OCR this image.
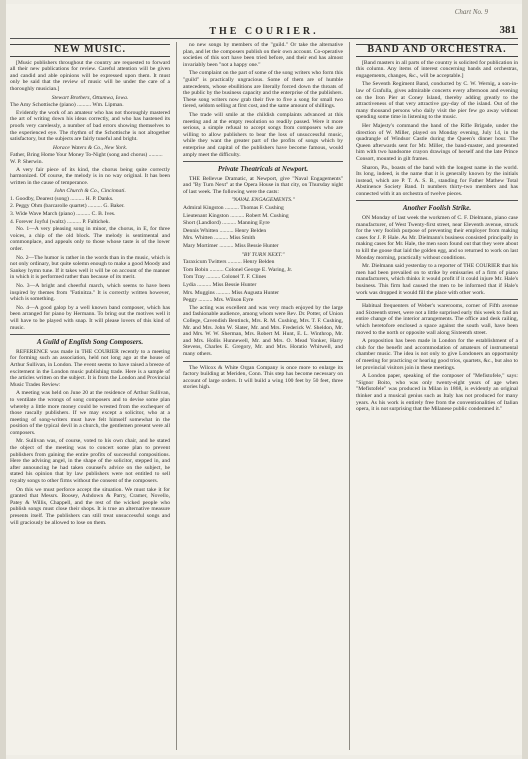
Chart No. 9
THE COURIER.	381
NEW MUSIC.

[Music publishers throughout the country are requested to forward all their new publications for review. Careful attention will be given and candid and able opinions will be expressed upon them. It must only be said that the review of music will be under the care of a thoroughly musician.]

Stewart Brothers, Ottumwa, Iowa.
The Amy Schottische (piano) .......... Wm. Lipman.

Evidently the work of an amateur who has not thoroughly mastered the art of writing down his ideas correctly, and who has hastened its proofs very carelessly, a number of bad errors showing themselves to the experienced eye. The rhythm of the Schottische is not altogether satisfactory, but the subjects are fairly tuneful and bright.

Horace Waters & Co., New York.
Father, Bring Home Your Money To-Night (song and chorus) .......... W. P. Sherwin.

A very fair piece of its kind, the chorus being quite correctly harmonized. Of course, the melody is in no way original. It has been written in the cause of temperance.

John Church & Co., Cincinnati.
1. Goodby, Dearest (song) .......... H. P. Danks.
2. Peggy Ohm (barcarolle quartet) .......... G. Baker.
3. Wide Wave March (piano) .......... C. B. Ives.
4. Forever Joyful (waltz) .......... P. Faltichek.

No. 1—A very pleasing song in minor, the chorus, in E, for three voices, a chip of the old block. The melody is sentimental and commonplace, and appeals only to those whose taste is of the lower order.

No. 2—The humor is rather in the words than in the music, which is not only ordinary, but quite solemn enough to make a good Moody and Sankey hymn tune. If it takes well it will be on account of the manner in which it is performed rather than because of its merit.

No. 3—A bright and cheerful march, which seems to have been inspired by themes from "Fatinitza." It is correctly written however, which is something.

No. 4—A good galop by a well known band composer, which has been arranged for piano by Hermann. To bring out the motives well it will have to be played with snap. It will please lovers of this kind of music.

A Guild of English Song Composers.

REFERENCE was made in THE COURIER recently to a meeting for forming such an association, held not long ago at the house of Arthur Sullivan, in London. The event seems to have raised a breeze of excitement in the London music publishing trade. Here is a sample of the articles written on the subject. It is from the London and Provincial Music Trades Review:

A meeting was held on June 20 at the residence of Arthur Sullivan, to ventilate the wrongs of song composers and to devise some plan whereby a little more money could be wrested from the exchequer of those rascally publishers. If we may except a solicitor, who at a meeting of song-writers must have felt himself somewhat in the position of the typical devil in a church, the gentlemen present were all composers.

Mr. Sullivan was, of course, voted to his own chair, and he stated the object of the meeting was to concert some plan to prevent publishers from gaining the entire profits of successful compositions. Here the advising angel, in the shape of the solicitor, stepped in, and after announcing he had taken counsel's advice on the subject, he stated his opinion that by law publishers were not entitled to sell royalty songs to other firms without the consent of the composers.

On this we must perforce accept the situation. We must take it for granted that Messrs. Boosey, Ashdown & Parry, Cramer, Novello, Patey & Willis, Chappell, and the rest of the wicked people who publish songs must close their shops. It is true an alternative measure presents itself. The publishers can still treat unsuccessful songs and will graciously be allowed to lose on them.

no new songs by members of the "guild." Or take the alternative plan, and let the composers publish on their own account. Co-operative societies of this sort have been tried before, and their end has almost invariably been "not a happy one."

The complaint on the part of some of the song writers who form this "guild" is practically ungracious. Some of them are of humble antecedents, whose ebullitions are literally forced down the throats of the public by the business capacity and the enterprise of the publishers. These song writers now grab their five to five a song for small two tiered, seldom selling at first cost, and the same amount of shillings.

The trade will smile at the childish complaints advanced at this meeting and at the empty resolution so readily passed. Were it more serious, a simple refusal to accept songs from composers who are willing to allow publishers to bear the loss of unsuccessful music, while they want the greater part of the profits of songs which by enterprise and capital of the publishers have become famous, would amply meet the difficulty.

Private Theatricals at Newport.

THE Bellevue Dramatic, at Newport, give "Naval Engagements" and "By Turn Next" at the Opera House in that city, on Thursday night of last week. The following were the casts:

"NAVAL ENGAGEMENTS."
Admiral Kingston .......... Thomas F. Cushing
Lieutenant Kingston .......... Robert M. Cushing
Short (Landlord) .......... Manning Eyre
Dennis Whitten .......... Henry Belden
Mrs. Whitten .......... Miss Smith
Mary Mortimer .......... Miss Bessie Hunter
"BY TURN NEXT."
Taraxicum Twitters .......... Henry Belden
Tom Bobin .......... Colonel George E. Waring, Jr.
Tom Tray .......... Colonel T. F. Clines
Lydia .......... Miss Bessie Hunter
Mrs. Muggins .......... Miss Augusta Hunter
Peggy .......... Mrs. Wilson Eyre

The acting was excellent and was very much enjoyed by the large and fashionable audience, among whom were Rev. Dr. Potter, of Union College, Cavendish Bentinck, Mrs. R. M. Cushing, Mrs. T. F. Cushing, Mr. and Mrs. John W. Slater, Mr. and Mrs. Frederick W. Sheldon, Mr. and Mrs. W. W. Sherman, Mrs. Robert M. Hunt, E. L. Winthrop, Mr. and Mrs. Hollis Hunnewell, Mr. and Mrs. O. Mead Yonker, Harry Stevens, Charles E. Gregory, Mr. and Mrs. Horatio Whitwell, and many others.

The Wilcox & White Organ Company is once more to enlarge its factory building at Meriden, Conn. This step has become necessary on account of large orders. It will build a wing 100 feet by 50 feet, three stories high.

BAND AND ORCHESTRA.

[Band masters in all parts of the country is solicited for publication in this column. Any items of interest concerning bands and orchestras, engagements, changes, &c., will be acceptable.]

The Seventh Regiment Band, conducted by C. W. Wernig, a son-in-law of Grafulla, gives admirable concerts every afternoon and evening on the Iron Pier at Coney Island, thereby adding greatly to the attractiveness of that very attractive gay-day of the island. Out of the many thousand persons who daily visit the pier few go away without spending some time in listening to the music.

Her Majesty's command the band of the Rifle Brigade, under the direction of W. Miller, played on Monday evening, July 14, in the quadrangle of Windsor Castle during the Queen's dinner hour. The Queen afterwards sent for Mr. Miller, the band-master, and presented him with two handsome crayon drawings of herself and the late Prince Consort, mounted in gilt frames.

Sharon, Pa., boasts of the band with the longest name in the world. Its long, indeed, is the name that it is generally known by the initials instead, which are P. T. A. S. B., standing for Father Mathew Total Abstinence Society Band. It numbers thirty-two members and has connected with it an orchestra of twelve pieces.

Another Foolish Strike.

ON Monday of last week the workmen of C. F. Dielmann, piano case manufacturer, of West Twenty-first street, near Eleventh avenue, struck for the very foolish purpose of preventing their employer from making cases for J. P. Hale. As Mr. Dielmann's business consisted principally in making cases for Mr. Hale, the men soon found out that they were about to kill the goose that laid the golden egg, and so returned to work on last Monday morning, practically without conditions.

Mr. Dielmann said yesterday to a reporter of THE COURIER that his men had been prevailed on to strike by emissaries of a firm of piano manufacturers, which thinks it would profit if it could injure Mr. Hale's business. This firm had caused the men to be informed that if Hale's work was dropped it would fill the place with other work.

Habitual frequenters of Weber's warerooms, corner of Fifth avenue and Sixteenth street, were not a little surprised early this week to find an entire change of the interior arrangements. The office and desk railing, which heretofore enclosed a space against the south wall, have been moved to the north or opposite wall along Sixteenth street.

A proposition has been made in London for the establishment of a club for the benefit and accommodation of amateurs of instrumental chamber music. The idea is not only to give Londoners an opportunity of meeting for practicing or hearing good trios, quartets, &c., but also to let provincial visitors join in these meetings.

A London paper, speaking of the composer of "Mefistofele," says: "Signor Boito, who was only twenty-eight years of age when "Mefistofele" was produced in Milan in 1868, is evidently an original thinker and a musical genius such as Italy has not produced for many years. As his work is entirely free from the conventionalities of Italian opera, it is not surprising that the Milanese public condemned it."
